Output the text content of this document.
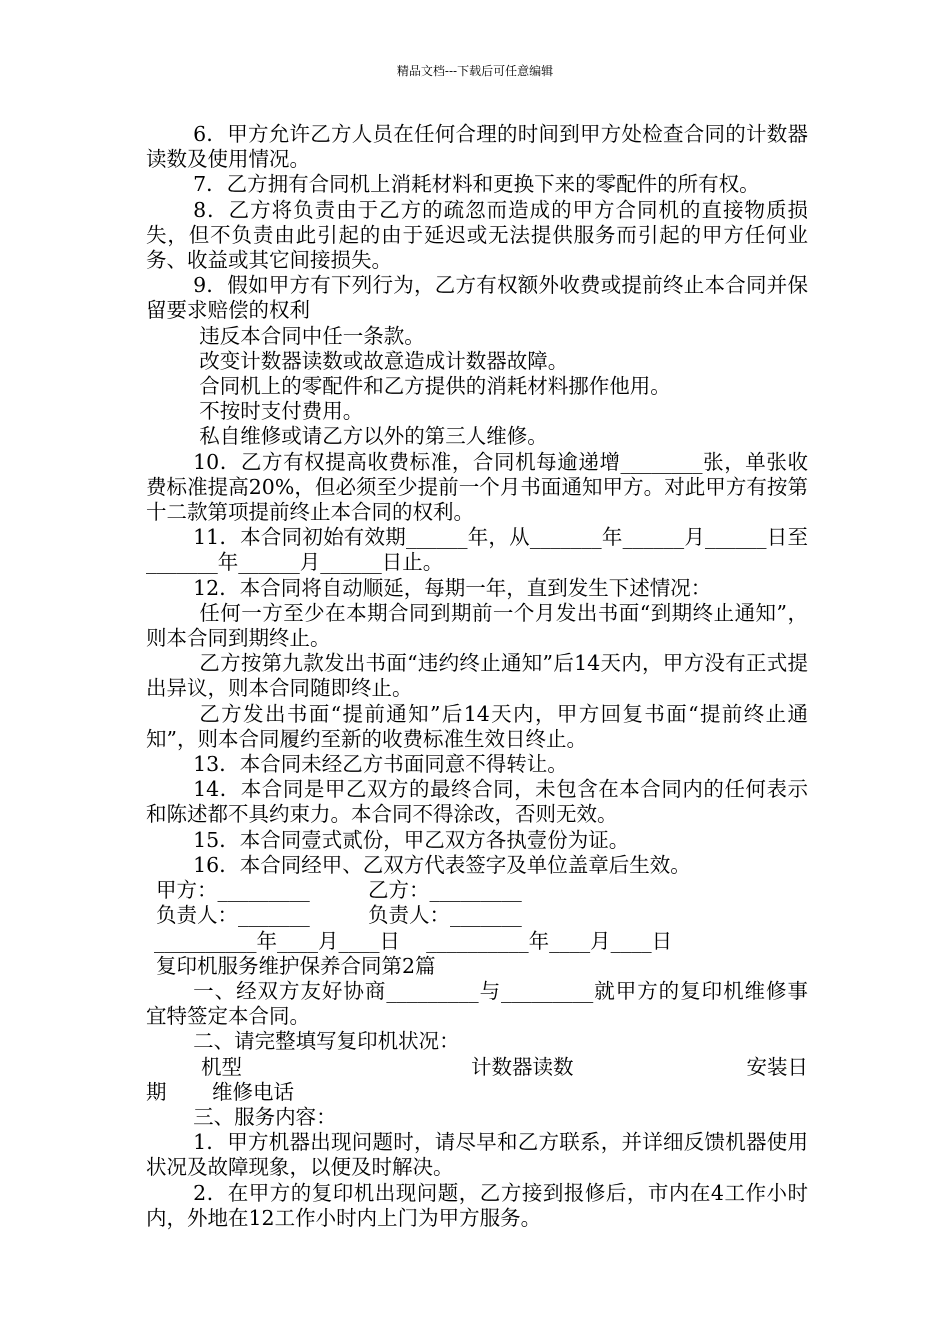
精品文档---下载后可任意编辑

6．甲方允许乙方人员在任何合理的时间到甲方处检查合同的计数器读数及使用情况。

7．乙方拥有合同机上消耗材料和更换下来的零配件的所有权。

8．乙方将负责由于乙方的疏忽而造成的甲方合同机的直接物质损失，但不负责由此引起的由于延迟或无法提供服务而引起的甲方任何业务、收益或其它间接损失。

9．假如甲方有下列行为，乙方有权额外收费或提前终止本合同并保留要求赔偿的权利

违反本合同中任一条款。

改变计数器读数或故意造成计数器故障。

合同机上的零配件和乙方提供的消耗材料挪作他用。

不按时支付费用。

私自维修或请乙方以外的第三人维修。

10．乙方有权提高收费标准，合同机每逾递增________张，单张收费标准提高20%，但必须至少提前一个月书面通知甲方。对此甲方有按第十二款第项提前终止本合同的权利。

11．本合同初始有效期______年，从_______年______月______日至_______年______月______日止。

12．本合同将自动顺延，每期一年，直到发生下述情况：

任何一方至少在本期合同到期前一个月发出书面“到期终止通知”，则本合同到期终止。

乙方按第九款发出书面“违约终止通知”后14天内，甲方没有正式提出异议，则本合同随即终止。

乙方发出书面“提前通知”后14天内，甲方回复书面“提前终止通知”，则本合同履约至新的收费标准生效日终止。

13．本合同未经乙方书面同意不得转让。

14．本合同是甲乙双方的最终合同，未包含在本合同内的任何表示和陈述都不具约束力。本合同不得涂改，否则无效。

15．本合同壹式贰份，甲乙双方各执壹份为证。

16．本合同经甲、乙双方代表签字及单位盖章后生效。

甲方：_________	乙方：_________
负责人：_______	负责人：_______

__________年____月____日    __________年____月____日

复印机服务维护保养合同第2篇

一、经双方友好协商_________与_________就甲方的复印机维修事宜特签定本合同。

二、请完整填写复印机状况：

机型	计数器读数	安装日
期	维修电话

三、服务内容：

1．甲方机器出现问题时，请尽早和乙方联系，并详细反馈机器使用状况及故障现象，以便及时解决。

2．在甲方的复印机出现问题，乙方接到报修后，市内在4工作小时内，外地在12工作小时内上门为甲方服务。
